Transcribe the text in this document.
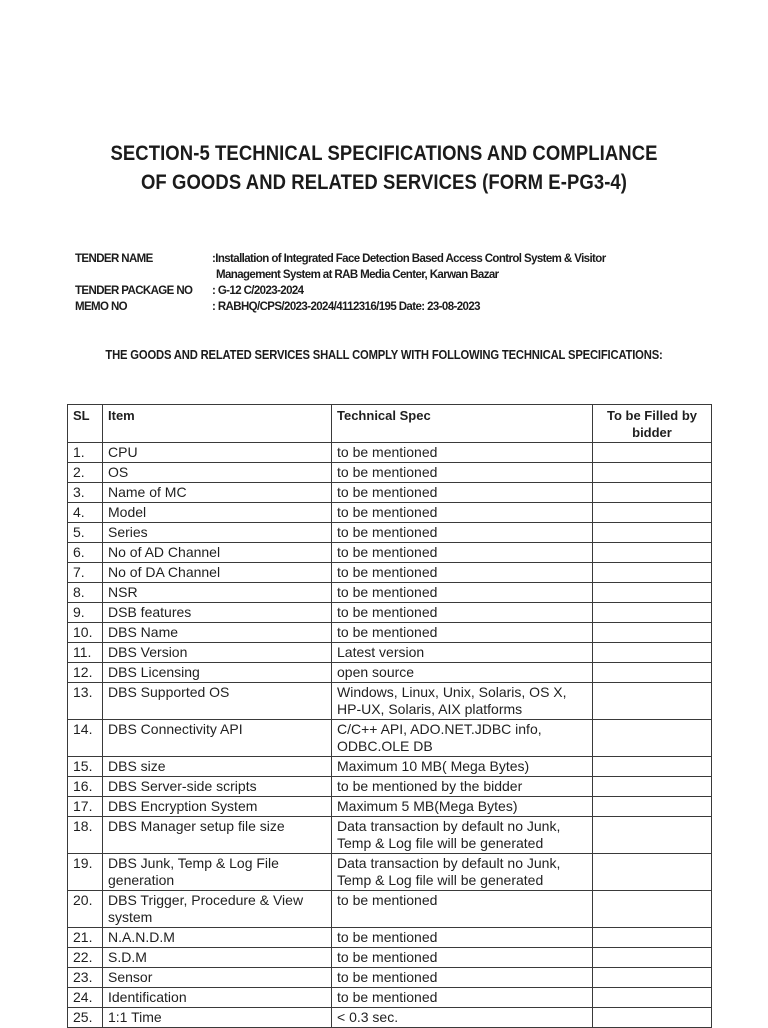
SECTION-5 TECHNICAL SPECIFICATIONS AND COMPLIANCE
OF GOODS AND RELATED SERVICES (FORM E-PG3-4)
TENDER NAME	:Installation of Integrated Face Detection Based Access Control System & Visitor
Management System at RAB Media Center, Karwan Bazar
TENDER PACKAGE NO	: G-12 C/2023-2024
MEMO NO	: RABHQ/CPS/2023-2024/4112316/195 Date: 23-08-2023
THE GOODS AND RELATED SERVICES SHALL COMPLY WITH FOLLOWING TECHNICAL SPECIFICATIONS:
SL	Item	Technical Spec	To be Filled by bidder
1.	CPU	to be mentioned	
2.	OS	to be mentioned	
3.	Name of MC	to be mentioned	
4.	Model	to be mentioned	
5.	Series	to be mentioned	
6.	No of AD Channel	to be mentioned	
7.	No of DA Channel	to be mentioned	
8.	NSR	to be mentioned	
9.	DSB features	to be mentioned	
10.	DBS Name	to be mentioned	
11.	DBS Version	Latest version	
12.	DBS Licensing	open source	
13.	DBS Supported OS	Windows, Linux, Unix, Solaris, OS X, HP-UX, Solaris, AIX platforms	
14.	DBS Connectivity API	C/C++ API, ADO.NET.JDBC info, ODBC.OLE DB	
15.	DBS size	Maximum 10 MB( Mega Bytes)	
16.	DBS Server-side scripts	to be mentioned by the bidder	
17.	DBS Encryption System	Maximum 5 MB(Mega Bytes)	
18.	DBS Manager setup file size	Data transaction by default no Junk, Temp & Log file will be generated	
19.	DBS Junk, Temp & Log File generation	Data transaction by default no Junk, Temp & Log file will be generated	
20.	DBS Trigger, Procedure & View system	to be mentioned	
21.	N.A.N.D.M	to be mentioned	
22.	S.D.M	to be mentioned	
23.	Sensor	to be mentioned	
24.	Identification	to be mentioned	
25.	1:1 Time	< 0.3 sec.	
